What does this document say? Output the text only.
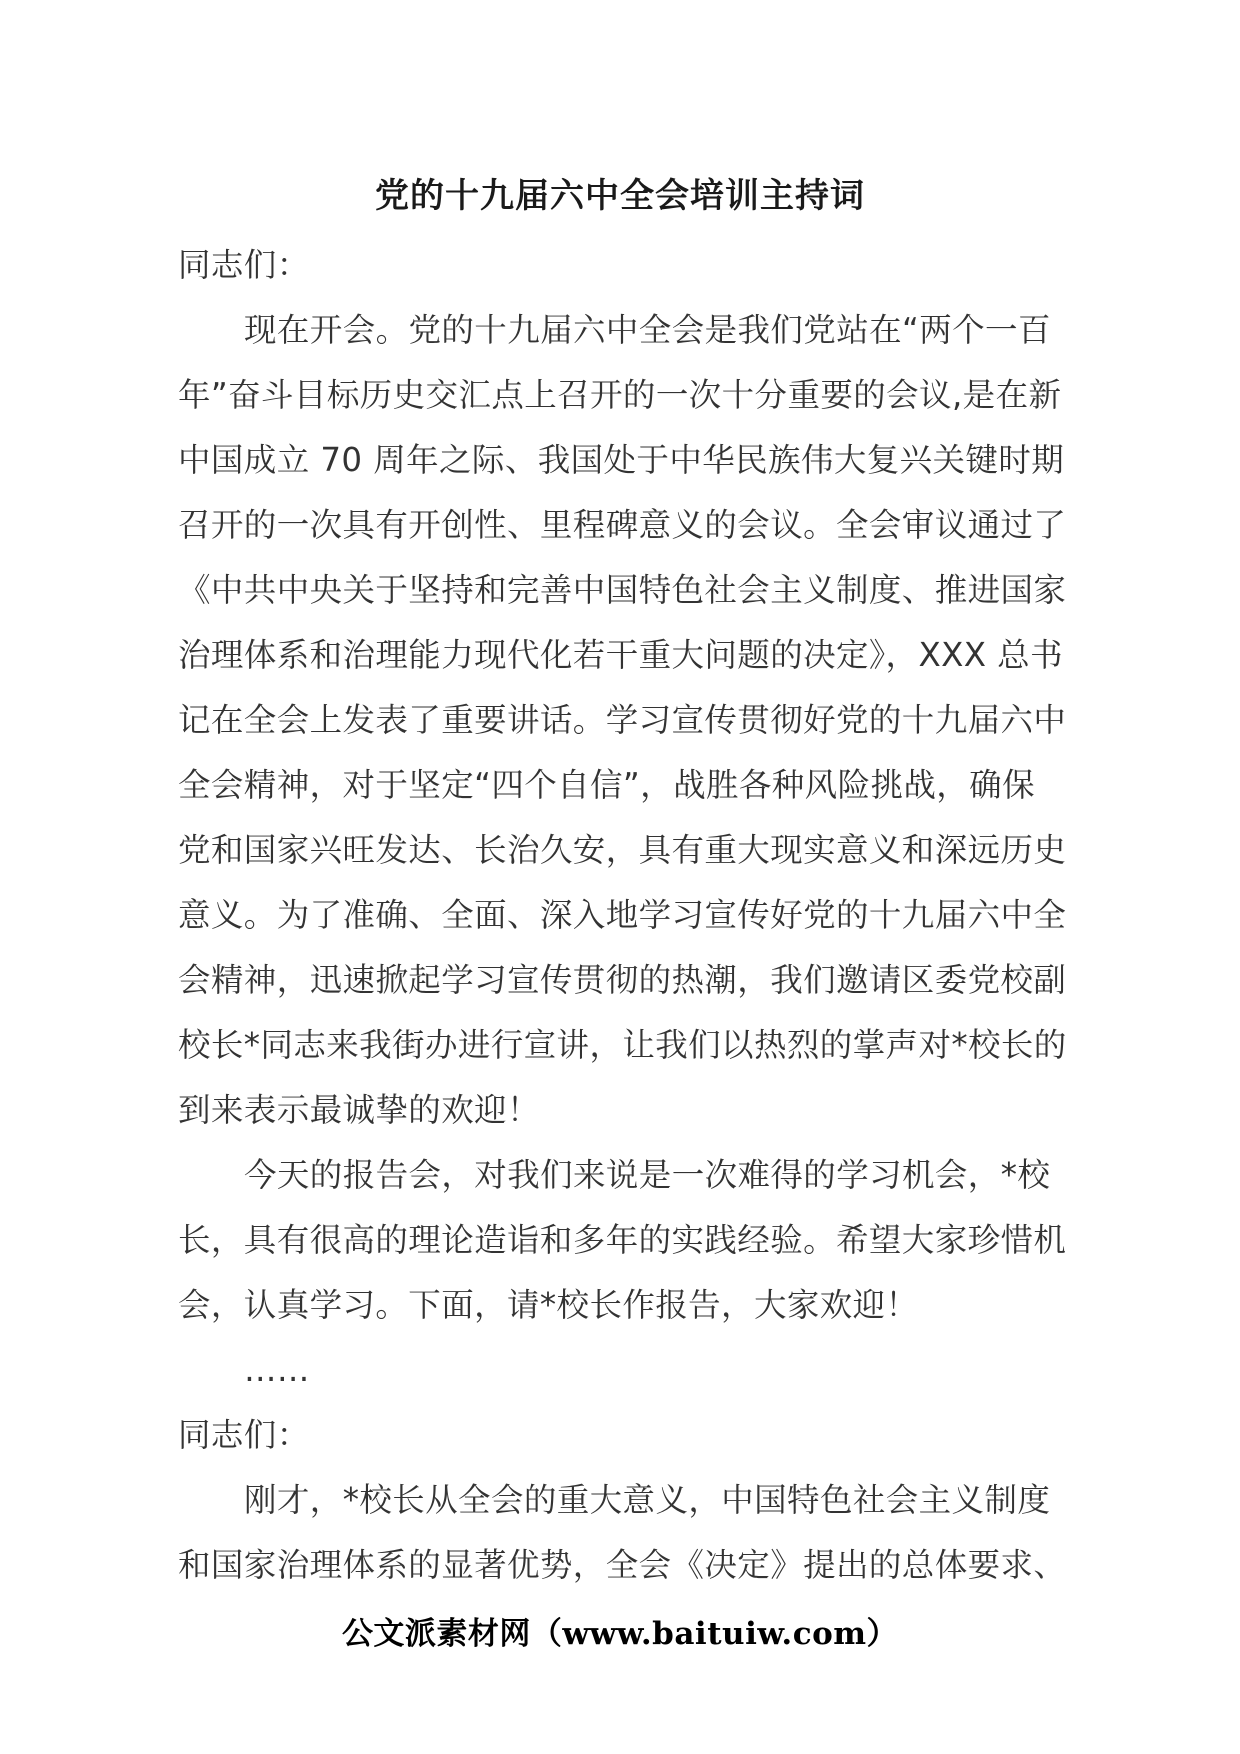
党的十九届六中全会培训主持词
同志们：
现在开会。党的十九届六中全会是我们党站在“两个一百
年”奋斗目标历史交汇点上召开的一次十分重要的会议,是在新
中国成立 70 周年之际、我国处于中华民族伟大复兴关键时期
召开的一次具有开创性、里程碑意义的会议。全会审议通过了
《中共中央关于坚持和完善中国特色社会主义制度、推进国家
治理体系和治理能力现代化若干重大问题的决定》，XXX 总书
记在全会上发表了重要讲话。学习宣传贯彻好党的十九届六中
全会精神，对于坚定“四个自信”，战胜各种风险挑战，确保
党和国家兴旺发达、长治久安，具有重大现实意义和深远历史
意义。为了准确、全面、深入地学习宣传好党的十九届六中全
会精神，迅速掀起学习宣传贯彻的热潮，我们邀请区委党校副
校长*同志来我街办进行宣讲，让我们以热烈的掌声对*校长的
到来表示最诚挚的欢迎！
今天的报告会，对我们来说是一次难得的学习机会，*校
长，具有很高的理论造诣和多年的实践经验。希望大家珍惜机
会，认真学习。下面，请*校长作报告，大家欢迎！
……
同志们：
刚才，*校长从全会的重大意义，中国特色社会主义制度
和国家治理体系的显著优势，全会《决定》提出的总体要求、
公文派素材网（www.baituiw.com）
